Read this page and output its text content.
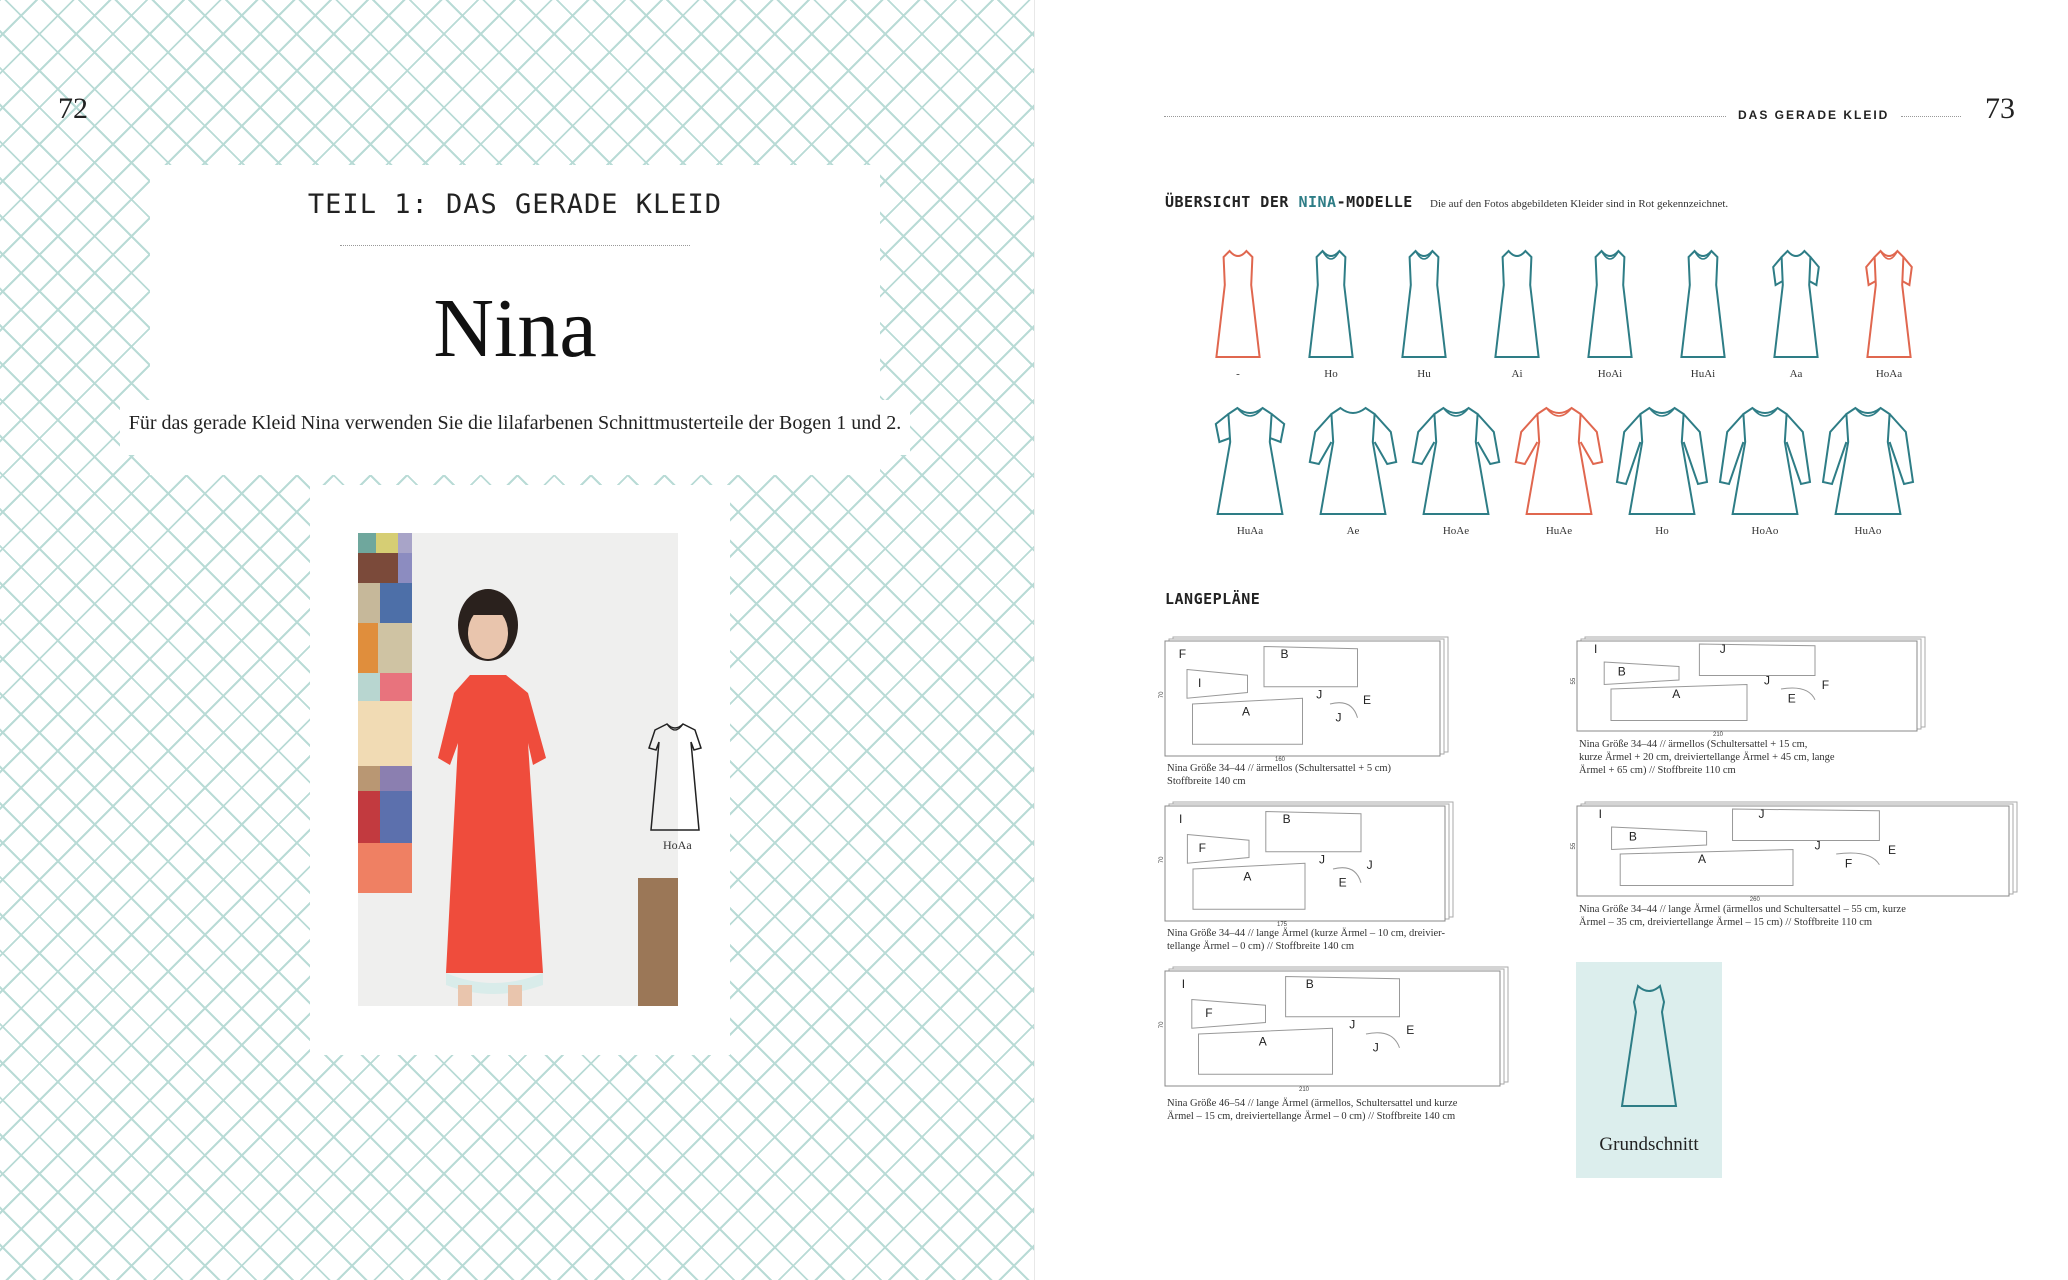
72
TEIL 1: DAS GERADE KLEID
Nina
Für das gerade Kleid Nina verwenden Sie die lilafarbenen Schnittmusterteile der Bogen 1 und 2.
HoAa
DAS GERADE KLEID	73
ÜBERSICHT DER NINA-MODELLE Die auf den Fotos abgebildeten Kleider sind in Rot gekennzeichnet.
-	Ho	Hu	Ai	HoAi	HuAi	Aa	HoAa
HuAa	Ae	HoAe	HuAe	Ho	HoAo	HuAo
LANGEPLÄNE
F	B
I
A
J
J
E
160
70
Nina Größe 34–44 // ärmellos (Schultersattel + 5 cm)
Stoffbreite 140 cm
I	J
B
A
J
E
F
210
55
Nina Größe 34–44 // ärmellos (Schultersattel + 15 cm,
kurze Ärmel + 20 cm, dreiviertellange Ärmel + 45 cm, lange
Ärmel + 65 cm) // Stoffbreite 110 cm
I	B
F
A
J
E
J
175
70
Nina Größe 34–44 // lange Ärmel (kurze Ärmel – 10 cm, dreivier-
tellange Ärmel – 0 cm) // Stoffbreite 140 cm
I	J
B
A
J
F
E
260
55
Nina Größe 34–44 // lange Ärmel (ärmellos und Schultersattel – 55 cm, kurze
Ärmel – 35 cm, dreiviertellange Ärmel – 15 cm) // Stoffbreite 110 cm
I	B
F
A
J
J
E
210
70
Nina Größe 46–54 // lange Ärmel (ärmellos, Schultersattel und kurze
Ärmel – 15 cm, dreiviertellange Ärmel – 0 cm) // Stoffbreite 140 cm
Grundschnitt
